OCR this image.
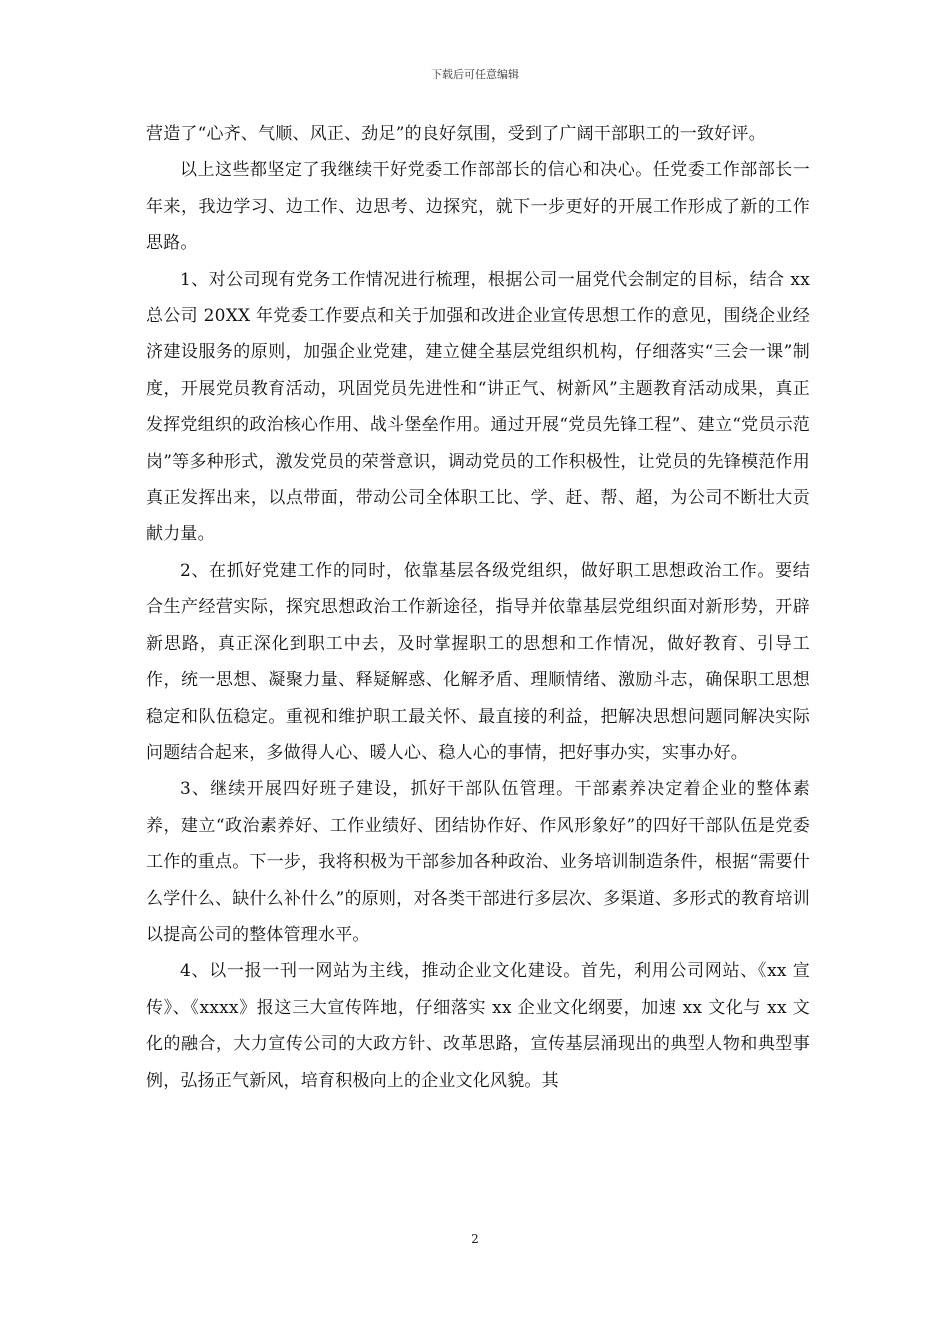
下载后可任意编辑

营造了“心齐、气顺、风正、劲足”的良好氛围，受到了广阔干部职工的一致好评。

以上这些都坚定了我继续干好党委工作部部长的信心和决心。任党委工作部部长一年来，我边学习、边工作、边思考、边探究，就下一步更好的开展工作形成了新的工作思路。

1、对公司现有党务工作情况进行梳理，根据公司一届党代会制定的目标，结合 xx 总公司 20XX 年党委工作要点和关于加强和改进企业宣传思想工作的意见，围绕企业经济建设服务的原则，加强企业党建，建立健全基层党组织机构，仔细落实“三会一课”制度，开展党员教育活动，巩固党员先进性和“讲正气、树新风”主题教育活动成果，真正发挥党组织的政治核心作用、战斗堡垒作用。通过开展“党员先锋工程”、建立“党员示范岗”等多种形式，激发党员的荣誉意识，调动党员的工作积极性，让党员的先锋模范作用真正发挥出来，以点带面，带动公司全体职工比、学、赶、帮、超，为公司不断壮大贡献力量。

2、在抓好党建工作的同时，依靠基层各级党组织，做好职工思想政治工作。要结合生产经营实际，探究思想政治工作新途径，指导并依靠基层党组织面对新形势，开辟新思路，真正深化到职工中去，及时掌握职工的思想和工作情况，做好教育、引导工作，统一思想、凝聚力量、释疑解惑、化解矛盾、理顺情绪、激励斗志，确保职工思想稳定和队伍稳定。重视和维护职工最关怀、最直接的利益，把解决思想问题同解决实际问题结合起来，多做得人心、暖人心、稳人心的事情，把好事办实，实事办好。

3、继续开展四好班子建设，抓好干部队伍管理。干部素养决定着企业的整体素养，建立“政治素养好、工作业绩好、团结协作好、作风形象好”的四好干部队伍是党委工作的重点。下一步，我将积极为干部参加各种政治、业务培训制造条件，根据“需要什么学什么、缺什么补什么”的原则，对各类干部进行多层次、多渠道、多形式的教育培训以提高公司的整体管理水平。

4、以一报一刊一网站为主线，推动企业文化建设。首先，利用公司网站、《xx 宣传》、《xxxx》报这三大宣传阵地，仔细落实 xx 企业文化纲要，加速 xx 文化与 xx 文化的融合，大力宣传公司的大政方针、改革思路，宣传基层涌现出的典型人物和典型事例，弘扬正气新风，培育积极向上的企业文化风貌。其

2
